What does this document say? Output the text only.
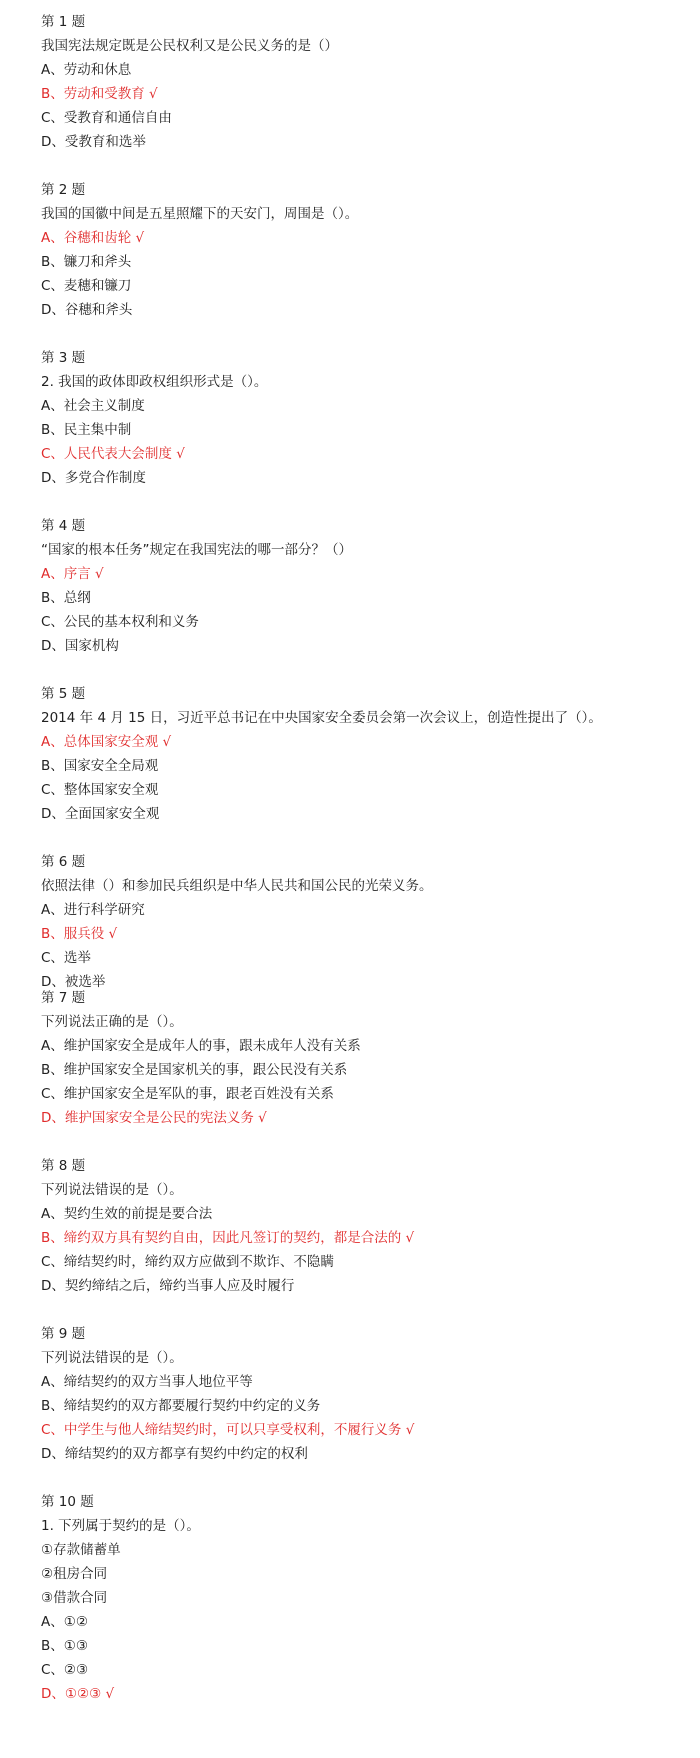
第 1 题
我国宪法规定既是公民权利又是公民义务的是（）
A、劳动和休息
B、劳动和受教育 √
C、受教育和通信自由
D、受教育和选举
第 2 题
我国的国徽中间是五星照耀下的天安门，周围是（）。
A、谷穗和齿轮 √
B、镰刀和斧头
C、麦穗和镰刀
D、谷穗和斧头
第 3 题
2. 我国的政体即政权组织形式是（）。
A、社会主义制度
B、民主集中制
C、人民代表大会制度 √
D、多党合作制度
第 4 题
“国家的根本任务”规定在我国宪法的哪一部分？（）
A、序言 √
B、总纲
C、公民的基本权利和义务
D、国家机构
第 5 题
2014 年 4 月 15 日，习近平总书记在中央国家安全委员会第一次会议上，创造性提出了（）。
A、总体国家安全观 √
B、国家安全全局观
C、整体国家安全观
D、全面国家安全观
第 6 题
依照法律（）和参加民兵组织是中华人民共和国公民的光荣义务。
A、进行科学研究
B、服兵役 √
C、选举
D、被选举
第 7 题
下列说法正确的是（）。
A、维护国家安全是成年人的事，跟未成年人没有关系
B、维护国家安全是国家机关的事，跟公民没有关系
C、维护国家安全是军队的事，跟老百姓没有关系
D、维护国家安全是公民的宪法义务 √
第 8 题
下列说法错误的是（）。
A、契约生效的前提是要合法
B、缔约双方具有契约自由，因此凡签订的契约，都是合法的 √
C、缔结契约时，缔约双方应做到不欺诈、不隐瞒
D、契约缔结之后，缔约当事人应及时履行
第 9 题
下列说法错误的是（）。
A、缔结契约的双方当事人地位平等
B、缔结契约的双方都要履行契约中约定的义务
C、中学生与他人缔结契约时，可以只享受权利，不履行义务 √
D、缔结契约的双方都享有契约中约定的权利
第 10 题
1. 下列属于契约的是（）。
①存款储蓄单
②租房合同
③借款合同
A、①②
B、①③
C、②③
D、①②③ √
